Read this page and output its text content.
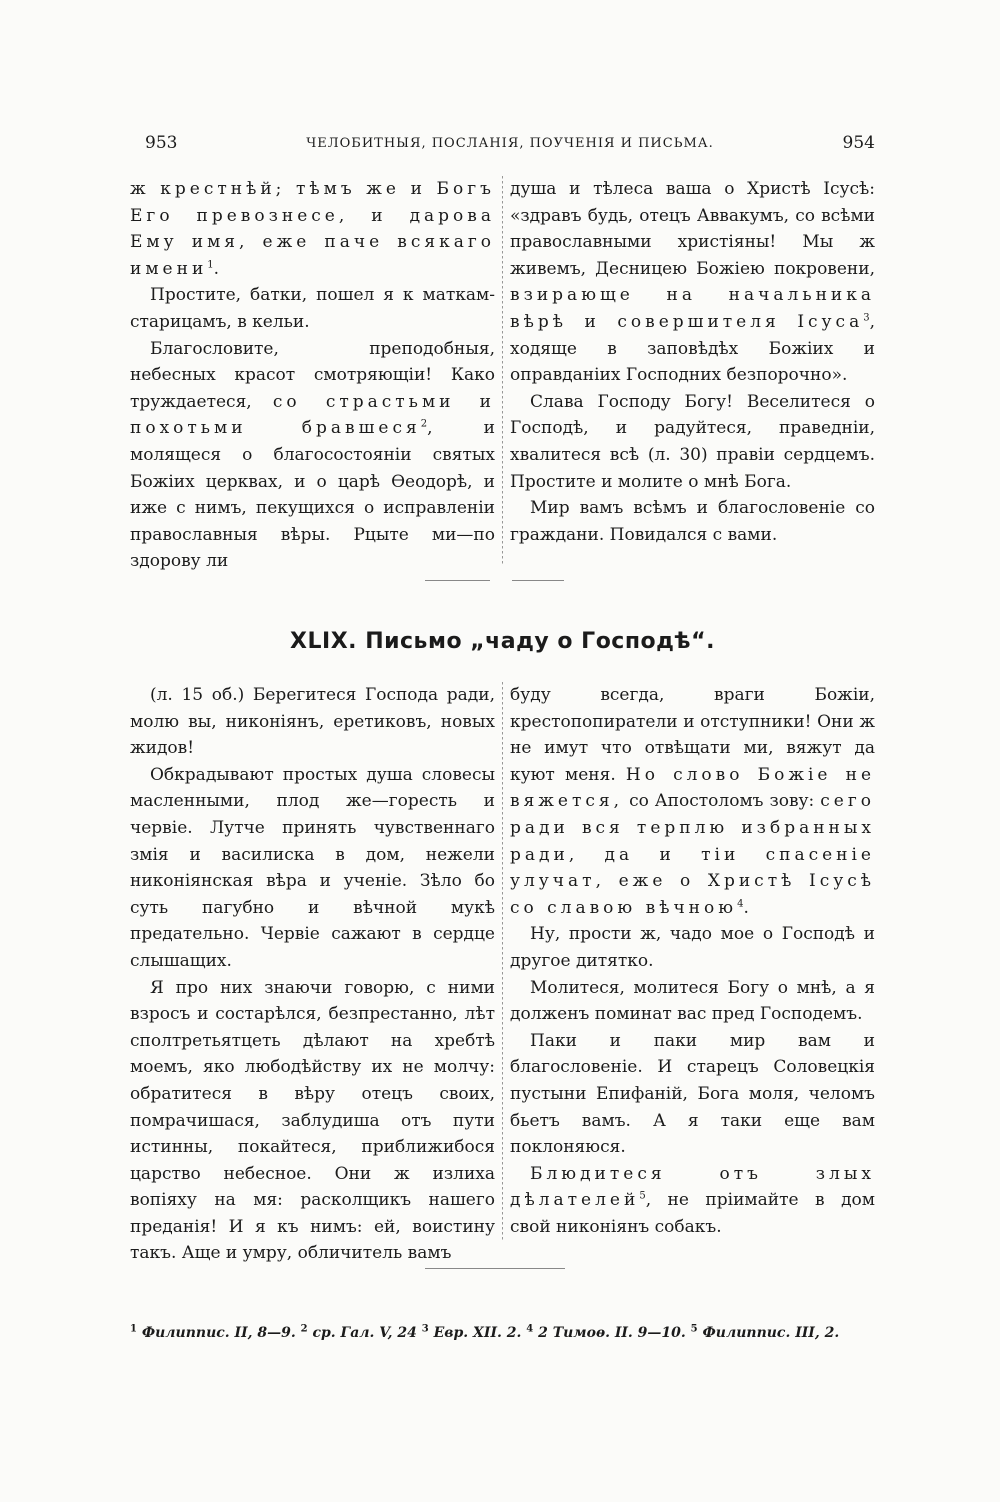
953	ЧЕЛОБИТНЫЯ, ПОСЛАНІЯ, ПОУЧЕНІЯ И ПИСЬМА.	954

ж крестнѣй; тѣмъ же и Богъ Его превознесе, и дарова Ему имя, еже паче всякаго имени$^1$.

Простите, батки, пошел я к маткам-старицамъ, в кельи.

Благословите, преподобныя, небесных красот смотряющіи! Како труждаетеся, со страстьми и похотьми бравшеся$^2$, и молящеся о благосостояніи святых Божіих церквах, и о царѣ Ѳеодорѣ, и иже с нимъ, пекущихся о исправленіи православныя вѣры. Рцыте ми—по здорову ли

душа и тѣлеса ваша о Христѣ Ісусѣ: «здравъ будь, отецъ Аввакумъ, со всѣми православными христіяны! Мы ж живемъ, Десницею Божіею покровени, взирающе на начальника вѣрѣ и совершителя Ісуса$^3$, ходяще в заповѣдѣх Божіих и оправданіих Господних безпорочно».

Слава Господу Богу! Веселитеся о Господѣ, и радуйтеся, праведніи, хвалитеся всѣ (л. 30) правіи сердцемъ. Простите и молите о мнѣ Бога.

Мир вамъ всѣмъ и благословеніе со граждани. Повидался с вами.

XLIX. Письмо „чаду о Господѣ“.

(л. 15 об.) Берегитеся Господа ради, молю вы, никоніянъ, еретиковъ, новых жидов!

Обкрадывают простых душа словесы масленными, плод же—горесть и червіе. Лутче принять чувственнаго змія и василиска в дом, нежели никоніянская вѣра и ученіе. Зѣло бо суть пагубно и вѣчной мукѣ предательно. Червіе сажают в сердце слышащих.

Я про них знаючи говорю, с ними взросъ и состарѣлся, безпрестанно, лѣт сполтретьятцеть дѣлают на хребтѣ моемъ, яко любодѣйству их не молчу: обратитеся в вѣру отецъ своих, помрачишася, заблудиша отъ пути истинны, покайтеся, приближибося царство небесное. Они ж излиха вопіяху на мя: расколщикъ нашего преданія! И я къ нимъ: ей, воистину такъ. Аще и умру, обличитель вамъ

буду всегда, враги Божіи, крестопопиратели и отступники! Они ж не имут что отвѣщати ми, вяжут да куют меня. Но слово Божіе не вяжется, со Апостоломъ зову: сего ради вся терплю избранных ради, да и тіи спасеніе улучат, еже о Христѣ Ісусѣ со славою вѣчною$^4$.

Ну, прости ж, чадо мое о Господѣ и другое дитятко.

Молитеся, молитеся Богу о мнѣ, а я долженъ поминат вас пред Господемъ.

Паки и паки мир вам и благословеніе. И старецъ Соловецкія пустыни Епифаній, Бога моля, челомъ бьетъ вамъ. А я таки еще вам поклоняюся.

Блюдитеся отъ злых дѣлателей$^5$, не пріимайте в дом свой никоніянъ собакъ.

$^1$ Филиппис. II, 8—9. $^2$ ср. Гал. V, 24 $^3$ Евр. XII. 2. $^4$ 2 Тимоѳ. II. 9—10. $^5$ Филиппис. III, 2.
